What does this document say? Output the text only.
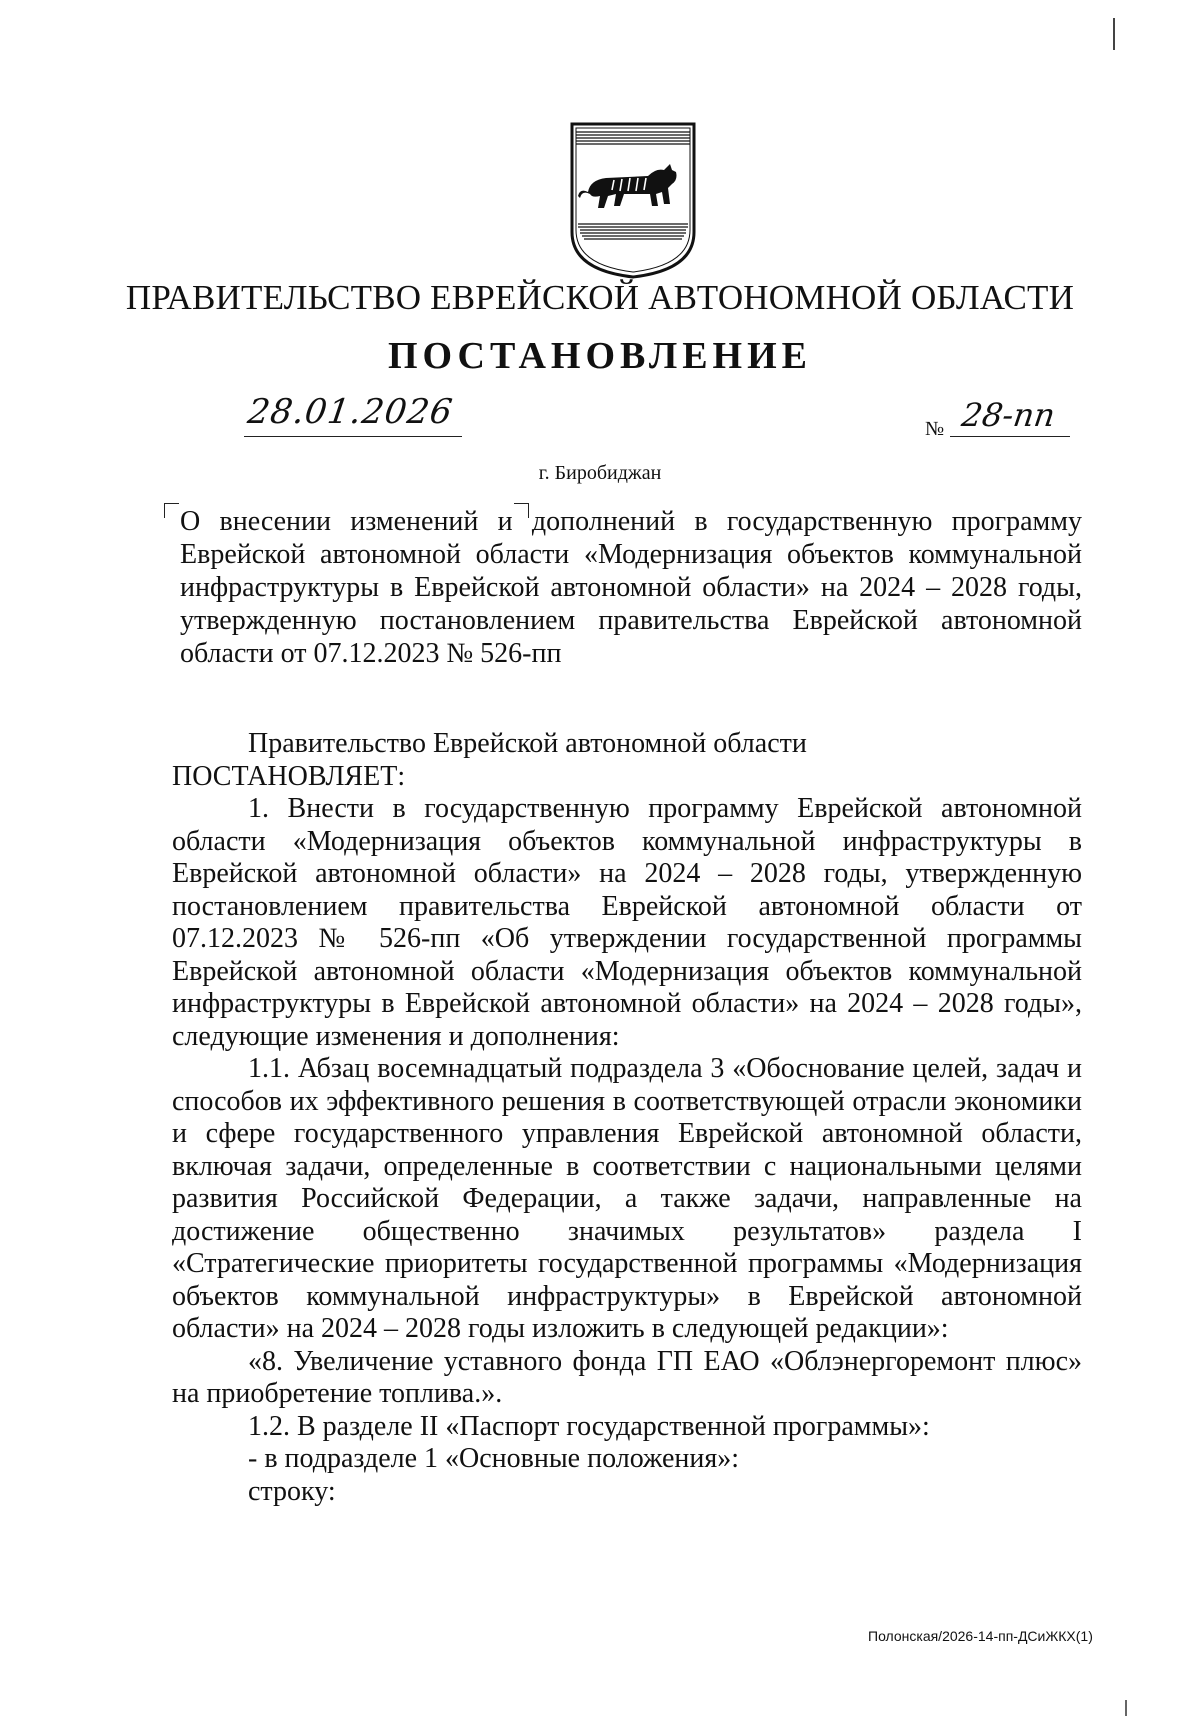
ПРАВИТЕЛЬСТВО ЕВРЕЙСКОЙ АВТОНОМНОЙ ОБЛАСТИ
ПОСТАНОВЛЕНИЕ
28.01.2026	№ 28-пп
г. Биробиджан
О внесении изменений и дополнений в государственную программу Еврейской автономной области «Модернизация объектов коммунальной инфраструктуры в Еврейской автономной области» на 2024 – 2028 годы, утвержденную постановлением правительства Еврейской автономной области от 07.12.2023 № 526-пп

Правительство Еврейской автономной области

ПОСТАНОВЛЯЕТ:

1. Внести в государственную программу Еврейской автономной области «Модернизация объектов коммунальной инфраструктуры в Еврейской автономной области» на 2024 – 2028 годы, утвержденную постановлением правительства Еврейской автономной области от 07.12.2023 № 526-пп «Об утверждении государственной программы Еврейской автономной области «Модернизация объектов коммунальной инфраструктуры в Еврейской автономной области» на 2024 – 2028 годы», следующие изменения и дополнения:

1.1. Абзац восемнадцатый подраздела 3 «Обоснование целей, задач и способов их эффективного решения в соответствующей отрасли экономики и сфере государственного управления Еврейской автономной области, включая задачи, определенные в соответствии с национальными целями развития Российской Федерации, а также задачи, направленные на достижение общественно значимых результатов» раздела I «Стратегические приоритеты государственной программы «Модернизация объектов коммунальной инфраструктуры» в Еврейской автономной области» на 2024 – 2028 годы изложить в следующей редакции»:

«8. Увеличение уставного фонда ГП ЕАО «Облэнергоремонт плюс» на приобретение топлива.».

1.2. В разделе II «Паспорт государственной программы»:

- в подразделе 1 «Основные положения»:

строку:

Полонская/2026-14-пп-ДСиЖКХ(1)
